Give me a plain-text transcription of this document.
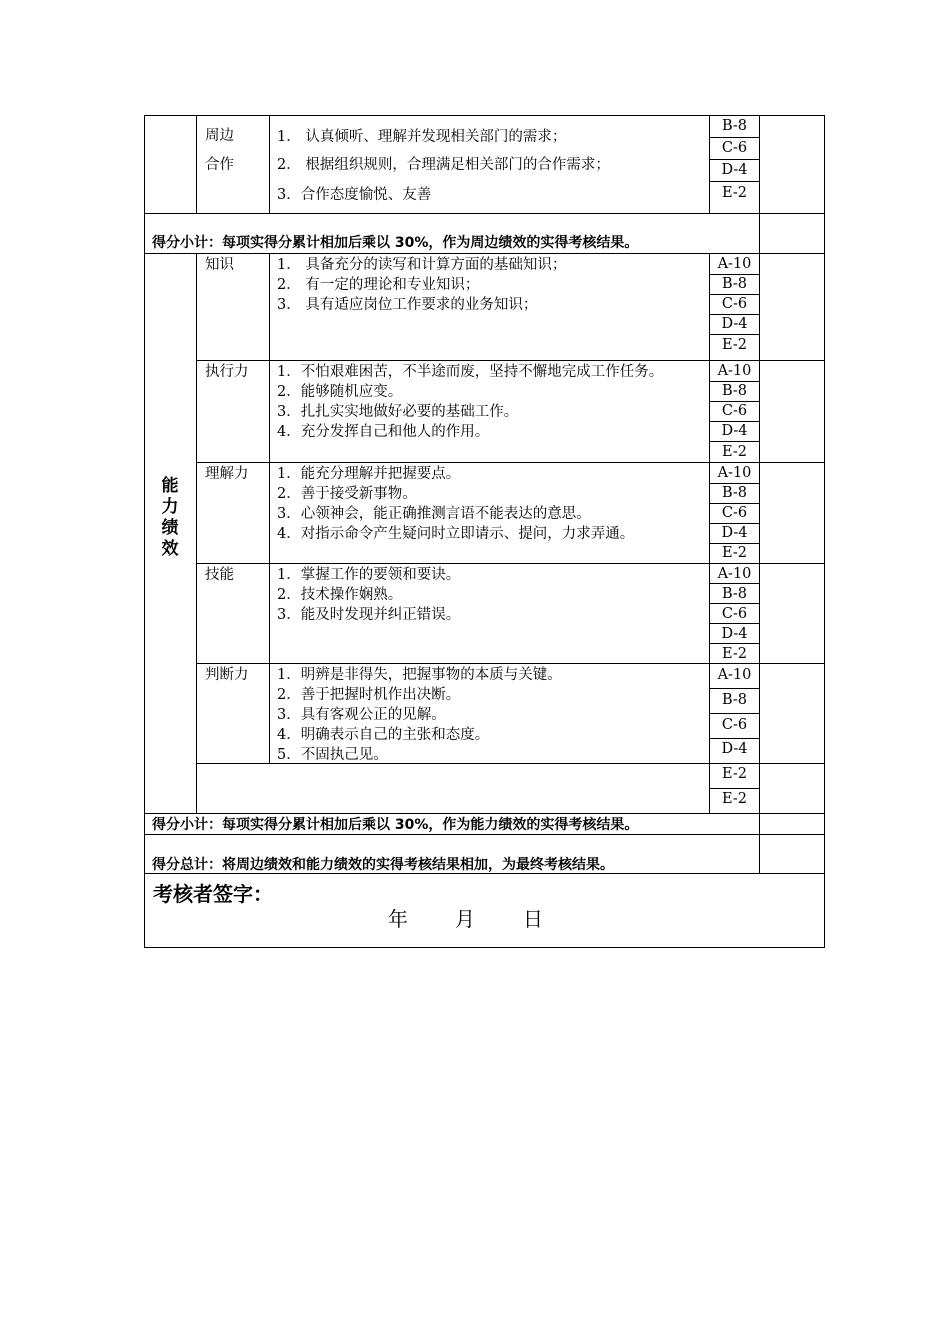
周边
合作
1． 认真倾听、理解并发现相关部门的需求；
2． 根据组织规则，合理满足相关部门的合作需求；
3．合作态度愉悦、友善
B-8
C-6
D-4
E-2
得分小计：每项实得分累计相加后乘以 30%，作为周边绩效的实得考核结果。
能
力
绩
效
知识	1． 具备充分的读写和计算方面的基础知识；
2． 有一定的理论和专业知识；
3． 具有适应岗位工作要求的业务知识；
A-10
B-8
C-6
D-4
E-2
执行力 1．不怕艰难困苦，不半途而废，坚持不懈地完成工作任务。
2．能够随机应变。
3．扎扎实实地做好必要的基础工作。
4．充分发挥自己和他人的作用。
A-10
B-8
C-6
D-4
E-2
理解力 1．能充分理解并把握要点。
2．善于接受新事物。
3．心领神会，能正确推测言语不能表达的意思。
4．对指示命令产生疑问时立即请示、提问，力求弄通。
A-10
B-8
C-6
D-4
E-2
技能	1．掌握工作的要领和要诀。
2．技术操作娴熟。
3．能及时发现并纠正错误。
A-10
B-8
C-6
D-4
E-2
判断力 1．明辨是非得失，把握事物的本质与关键。
2．善于把握时机作出决断。
3．具有客观公正的见解。
4．明确表示自己的主张和态度。
5．不固执己见。
A-10
B-8
C-6
D-4
E-2
E-2
得分小计：每项实得分累计相加后乘以 30%，作为能力绩效的实得考核结果。
得分总计：将周边绩效和能力绩效的实得考核结果相加，为最终考核结果。
考核者签字：
年 月 日
